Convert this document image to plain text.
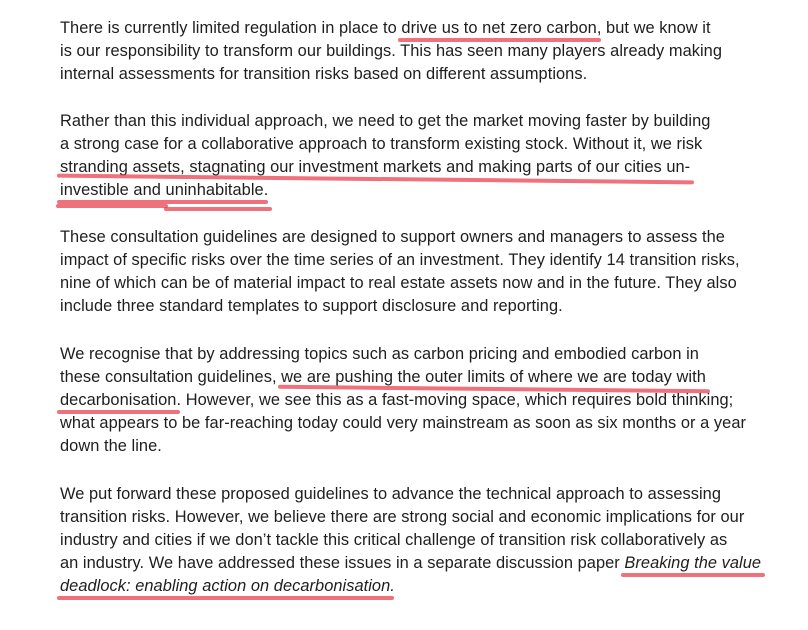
There is currently limited regulation in place to drive us to net zero carbon, but we know it
is our responsibility to transform our buildings. This has seen many players already making
internal assessments for transition risks based on different assumptions.
Rather than this individual approach, we need to get the market moving faster by building
a strong case for a collaborative approach to transform existing stock. Without it, we risk
stranding assets, stagnating our investment markets and making parts of our cities un-
investible and uninhabitable.
These consultation guidelines are designed to support owners and managers to assess the
impact of specific risks over the time series of an investment. They identify 14 transition risks,
nine of which can be of material impact to real estate assets now and in the future. They also
include three standard templates to support disclosure and reporting.
We recognise that by addressing topics such as carbon pricing and embodied carbon in
these consultation guidelines, we are pushing the outer limits of where we are today with
decarbonisation. However, we see this as a fast-moving space, which requires bold thinking;
what appears to be far-reaching today could very mainstream as soon as six months or a year
down the line.
We put forward these proposed guidelines to advance the technical approach to assessing
transition risks. However, we believe there are strong social and economic implications for our
industry and cities if we don’t tackle this critical challenge of transition risk collaboratively as
an industry. We have addressed these issues in a separate discussion paper Breaking the value
deadlock: enabling action on decarbonisation.
